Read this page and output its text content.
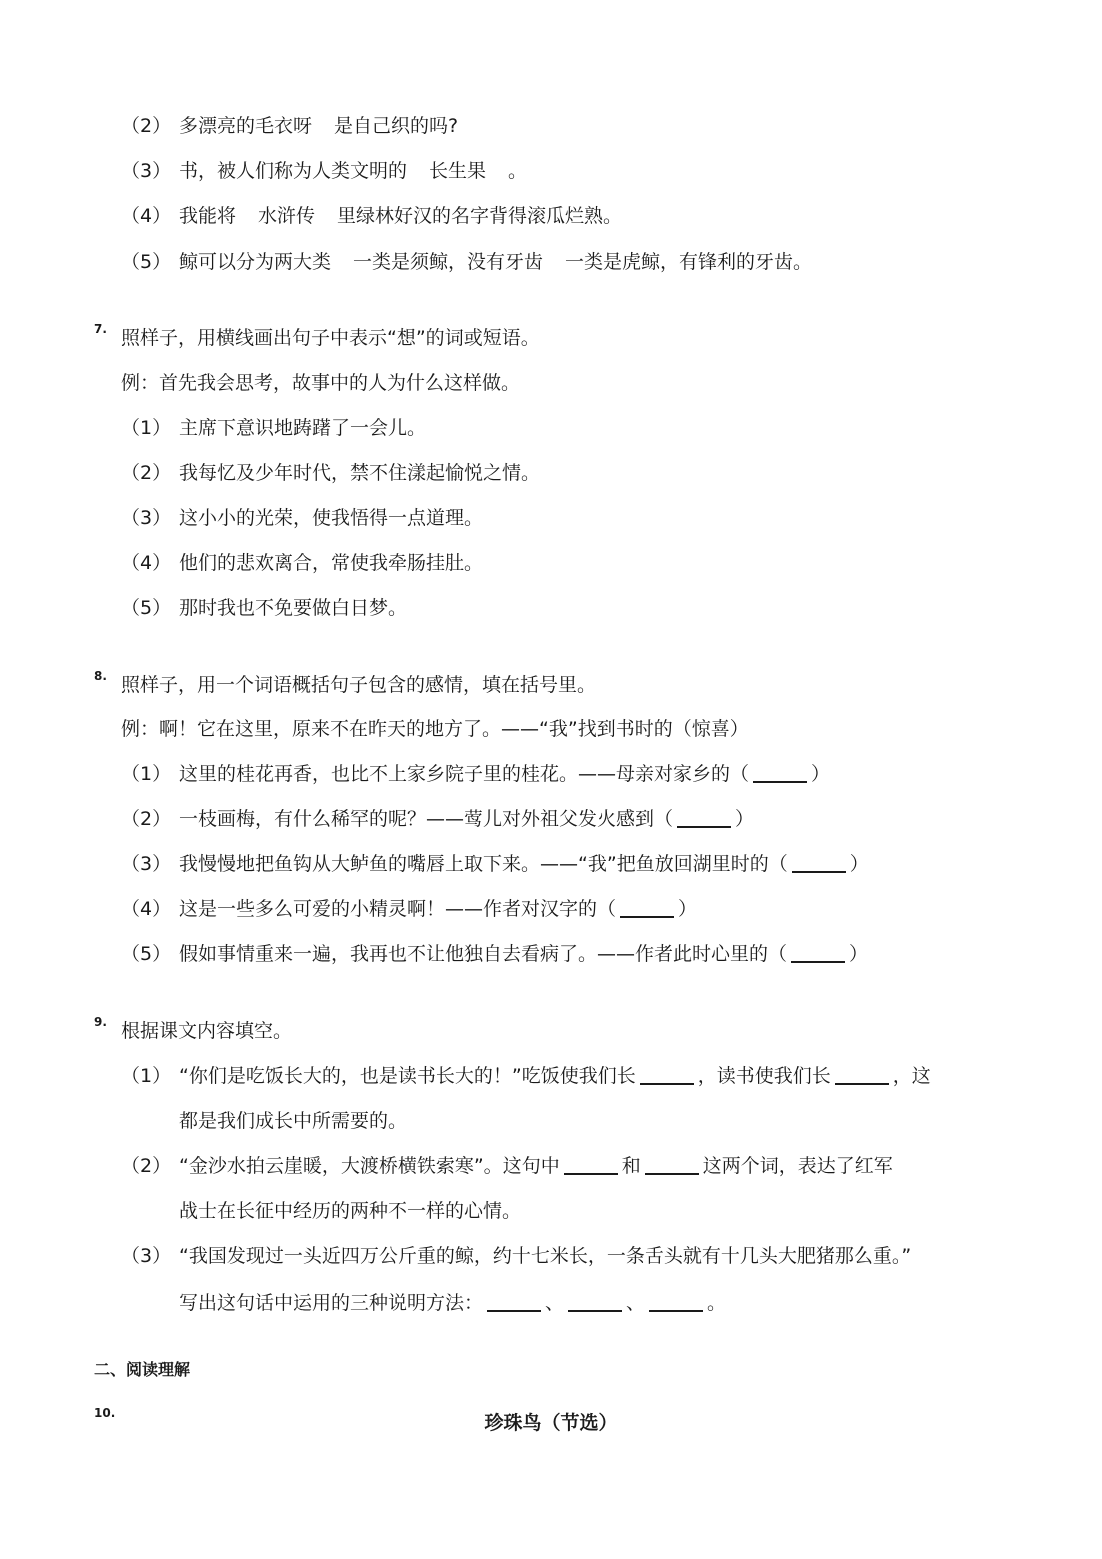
（2） 多漂亮的毛衣呀 是自己织的吗?
（3） 书，被人们称为人类文明的 长生果 。
（4） 我能将 水浒传 里绿林好汉的名字背得滚瓜烂熟。
（5） 鲸可以分为两大类 一类是须鲸，没有牙齿 一类是虎鲸，有锋利的牙齿。
7. 照样子，用横线画出句子中表示“想”的词或短语。
例：首先我会思考，故事中的人为什么这样做。
（1） 主席下意识地踌躇了一会儿。
（2） 我每忆及少年时代，禁不住漾起愉悦之情。
（3） 这小小的光荣，使我悟得一点道理。
（4） 他们的悲欢离合，常使我牵肠挂肚。
（5） 那时我也不免要做白日梦。
8. 照样子，用一个词语概括句子包含的感情，填在括号里。
例：啊！它在这里，原来不在昨天的地方了。——“我”找到书时的（惊喜）
（1） 这里的桂花再香，也比不上家乡院子里的桂花。——母亲对家乡的（	）
（2） 一枝画梅，有什么稀罕的呢？——莺儿对外祖父发火感到（	）
（3） 我慢慢地把鱼钩从大鲈鱼的嘴唇上取下来。——“我”把鱼放回湖里时的（	）
（4） 这是一些多么可爱的小精灵啊！——作者对汉字的（	）
（5） 假如事情重来一遍，我再也不让他独自去看病了。——作者此时心里的（	）
9. 根据课文内容填空。
（1） “你们是吃饭长大的，也是读书长大的！”吃饭使我们长	，读书使我们长	，这
都是我们成长中所需要的。
（2） “金沙水拍云崖暖，大渡桥横铁索寒”。这句中	和	这两个词，表达了红军
战士在长征中经历的两种不一样的心情。
（3） “我国发现过一头近四万公斤重的鲸，约十七米长，一条舌头就有十几头大肥猪那么重。”
写出这句话中运用的三种说明方法：	、	、	。
二、阅读理解
10.	珍珠鸟（节选）
